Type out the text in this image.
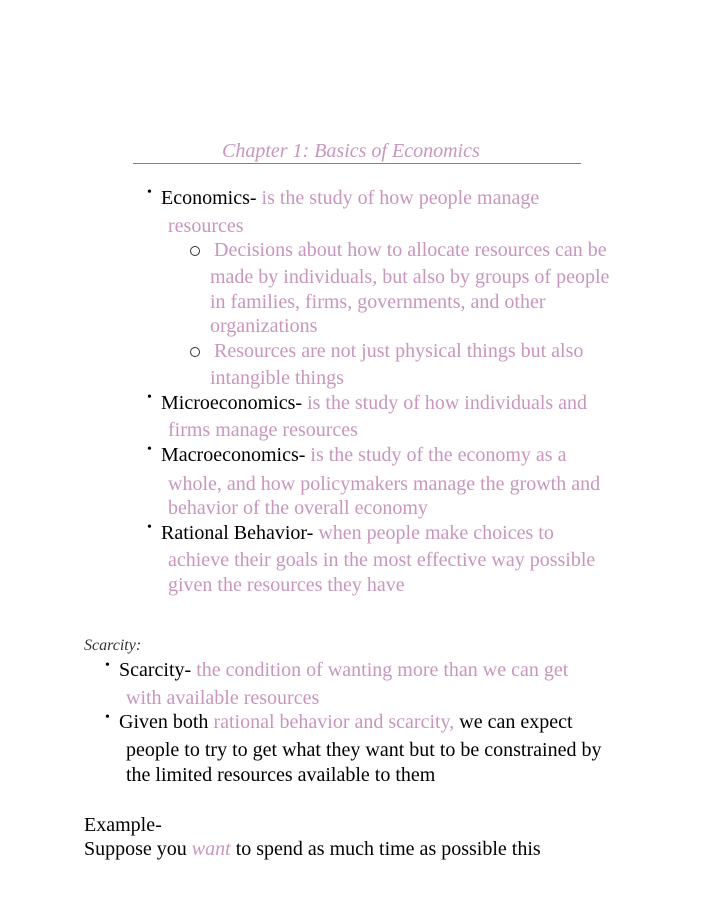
Chapter 1: Basics of Economics
• Economics- is the study of how people manage
resources
Decisions about how to allocate resources can be
made by individuals, but also by groups of people
in families, firms, governments, and other
organizations
Resources are not just physical things but also
intangible things
• Microeconomics- is the study of how individuals and
firms manage resources
• Macroeconomics- is the study of the economy as a
whole, and how policymakers manage the growth and
behavior of the overall economy
• Rational Behavior- when people make choices to
achieve their goals in the most effective way possible
given the resources they have
Scarcity:
• Scarcity- the condition of wanting more than we can get
with available resources
• Given both rational behavior and scarcity, we can expect
people to try to get what they want but to be constrained by
the limited resources available to them
Example-
Suppose you want to spend as much time as possible this
